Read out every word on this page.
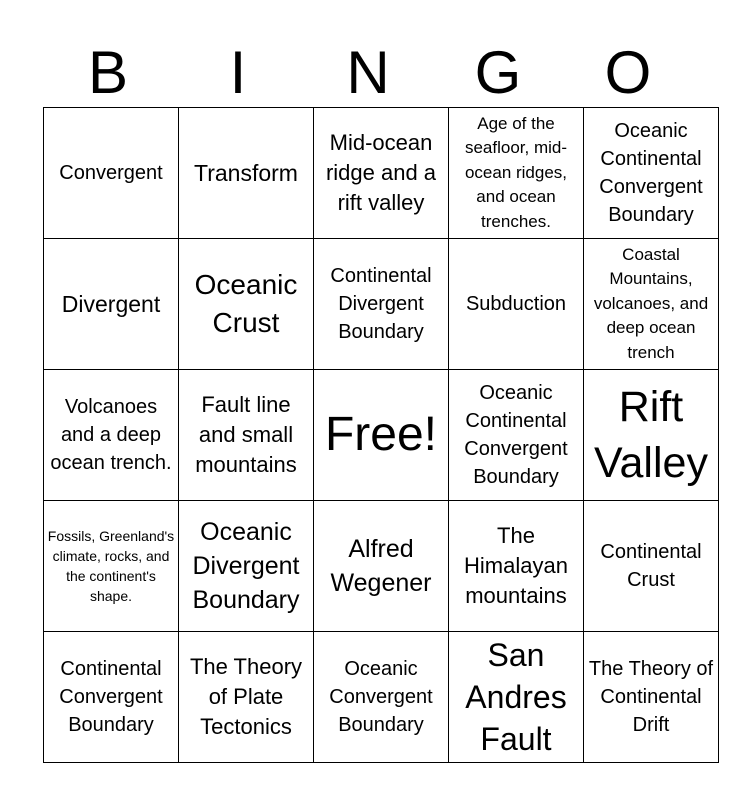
B	I	N	G	O
Convergent	Transform	Mid-ocean ridge and a rift valley	Age of the seafloor, mid-ocean ridges, and ocean trenches.	Oceanic Continental Convergent Boundary
Divergent	Oceanic Crust	Continental Divergent Boundary	Subduction	Coastal Mountains, volcanoes, and deep ocean trench
Volcanoes and a deep ocean trench.	Fault line and small mountains	Free!	Oceanic Continental Convergent Boundary	Rift Valley
Fossils, Greenland's climate, rocks, and the continent's shape.	Oceanic Divergent Boundary	Alfred Wegener	The Himalayan mountains	Continental Crust
Continental Convergent Boundary	The Theory of Plate Tectonics	Oceanic Convergent Boundary	San Andres Fault	The Theory of Continental Drift
